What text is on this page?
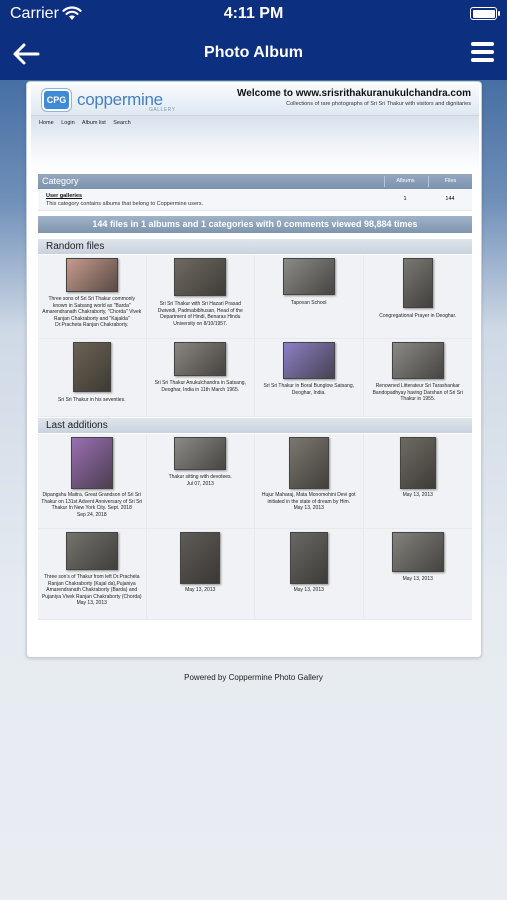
Carrier	4:11 PM
Photo Album
CPG coppermine
GALLERY
Welcome to www.srisrithakuranukulchandra.com
Collections of rare photographs of Sri Sri Thakur with visitors and dignitaries
Home Login Album list Search
Category	Albums	Files
User galleries
This category contains albums that belong to Coppermine users.
1	144
144 files in 1 albums and 1 categories with 0 comments viewed 98,884 times
Random files
Three sons of Sri Sri Thakur commonly known in Satsang world as "Barda" Amarendranath Chakraborty, "Chorda" Vivek Ranjan Chakraborty and "Kajalda" Dr.Pracheta Ranjan Chakraborty.
Sri Sri Thakur with Sri Hazari Prasad Dwivedi, Padmabibhusan, Head of the Department of Hindi, Benaras Hindu University on 8/10/1957.
Tapovan School
Congregational Prayer in Deoghar.
Sri Sri Thakur in his seventies.
Sri Sri Thakur Anukulchandra in Satsang, Deoghar, India in 11th March 1965.
Sri Sri Thakur in Boral Bunglow Satsang, Deoghar, India.
Renowned Litterateur Sri Tarashankar Bandopadhyay having Darshan of Sri Sri Thakur in 1955.
Last additions
Dipangshu Maitra, Great Grandson of Sri Sri Thakur on 131st Advent Anniversary of Sri Sri Thakur In New York City. Sept. 2018
Sep 24, 2018
Thakur sitting with devotees.
Jul 07, 2013
Hujur Maharaj, Mata Monomohini Devi got initiated in the state of dream by Him.
May 13, 2013
May 13, 2013
Three son's of Thakur from left Dr.Pracheta Ranjan Chakraborty (Kajal da),Pujaniya Amarendranath Chakraborty (Barda) and Pujaniya Vivek Ranjan Chakraborty (Chorda)
May 13, 2013
May 13, 2013	May 13, 2013
May 13, 2013
Powered by Coppermine Photo Gallery
